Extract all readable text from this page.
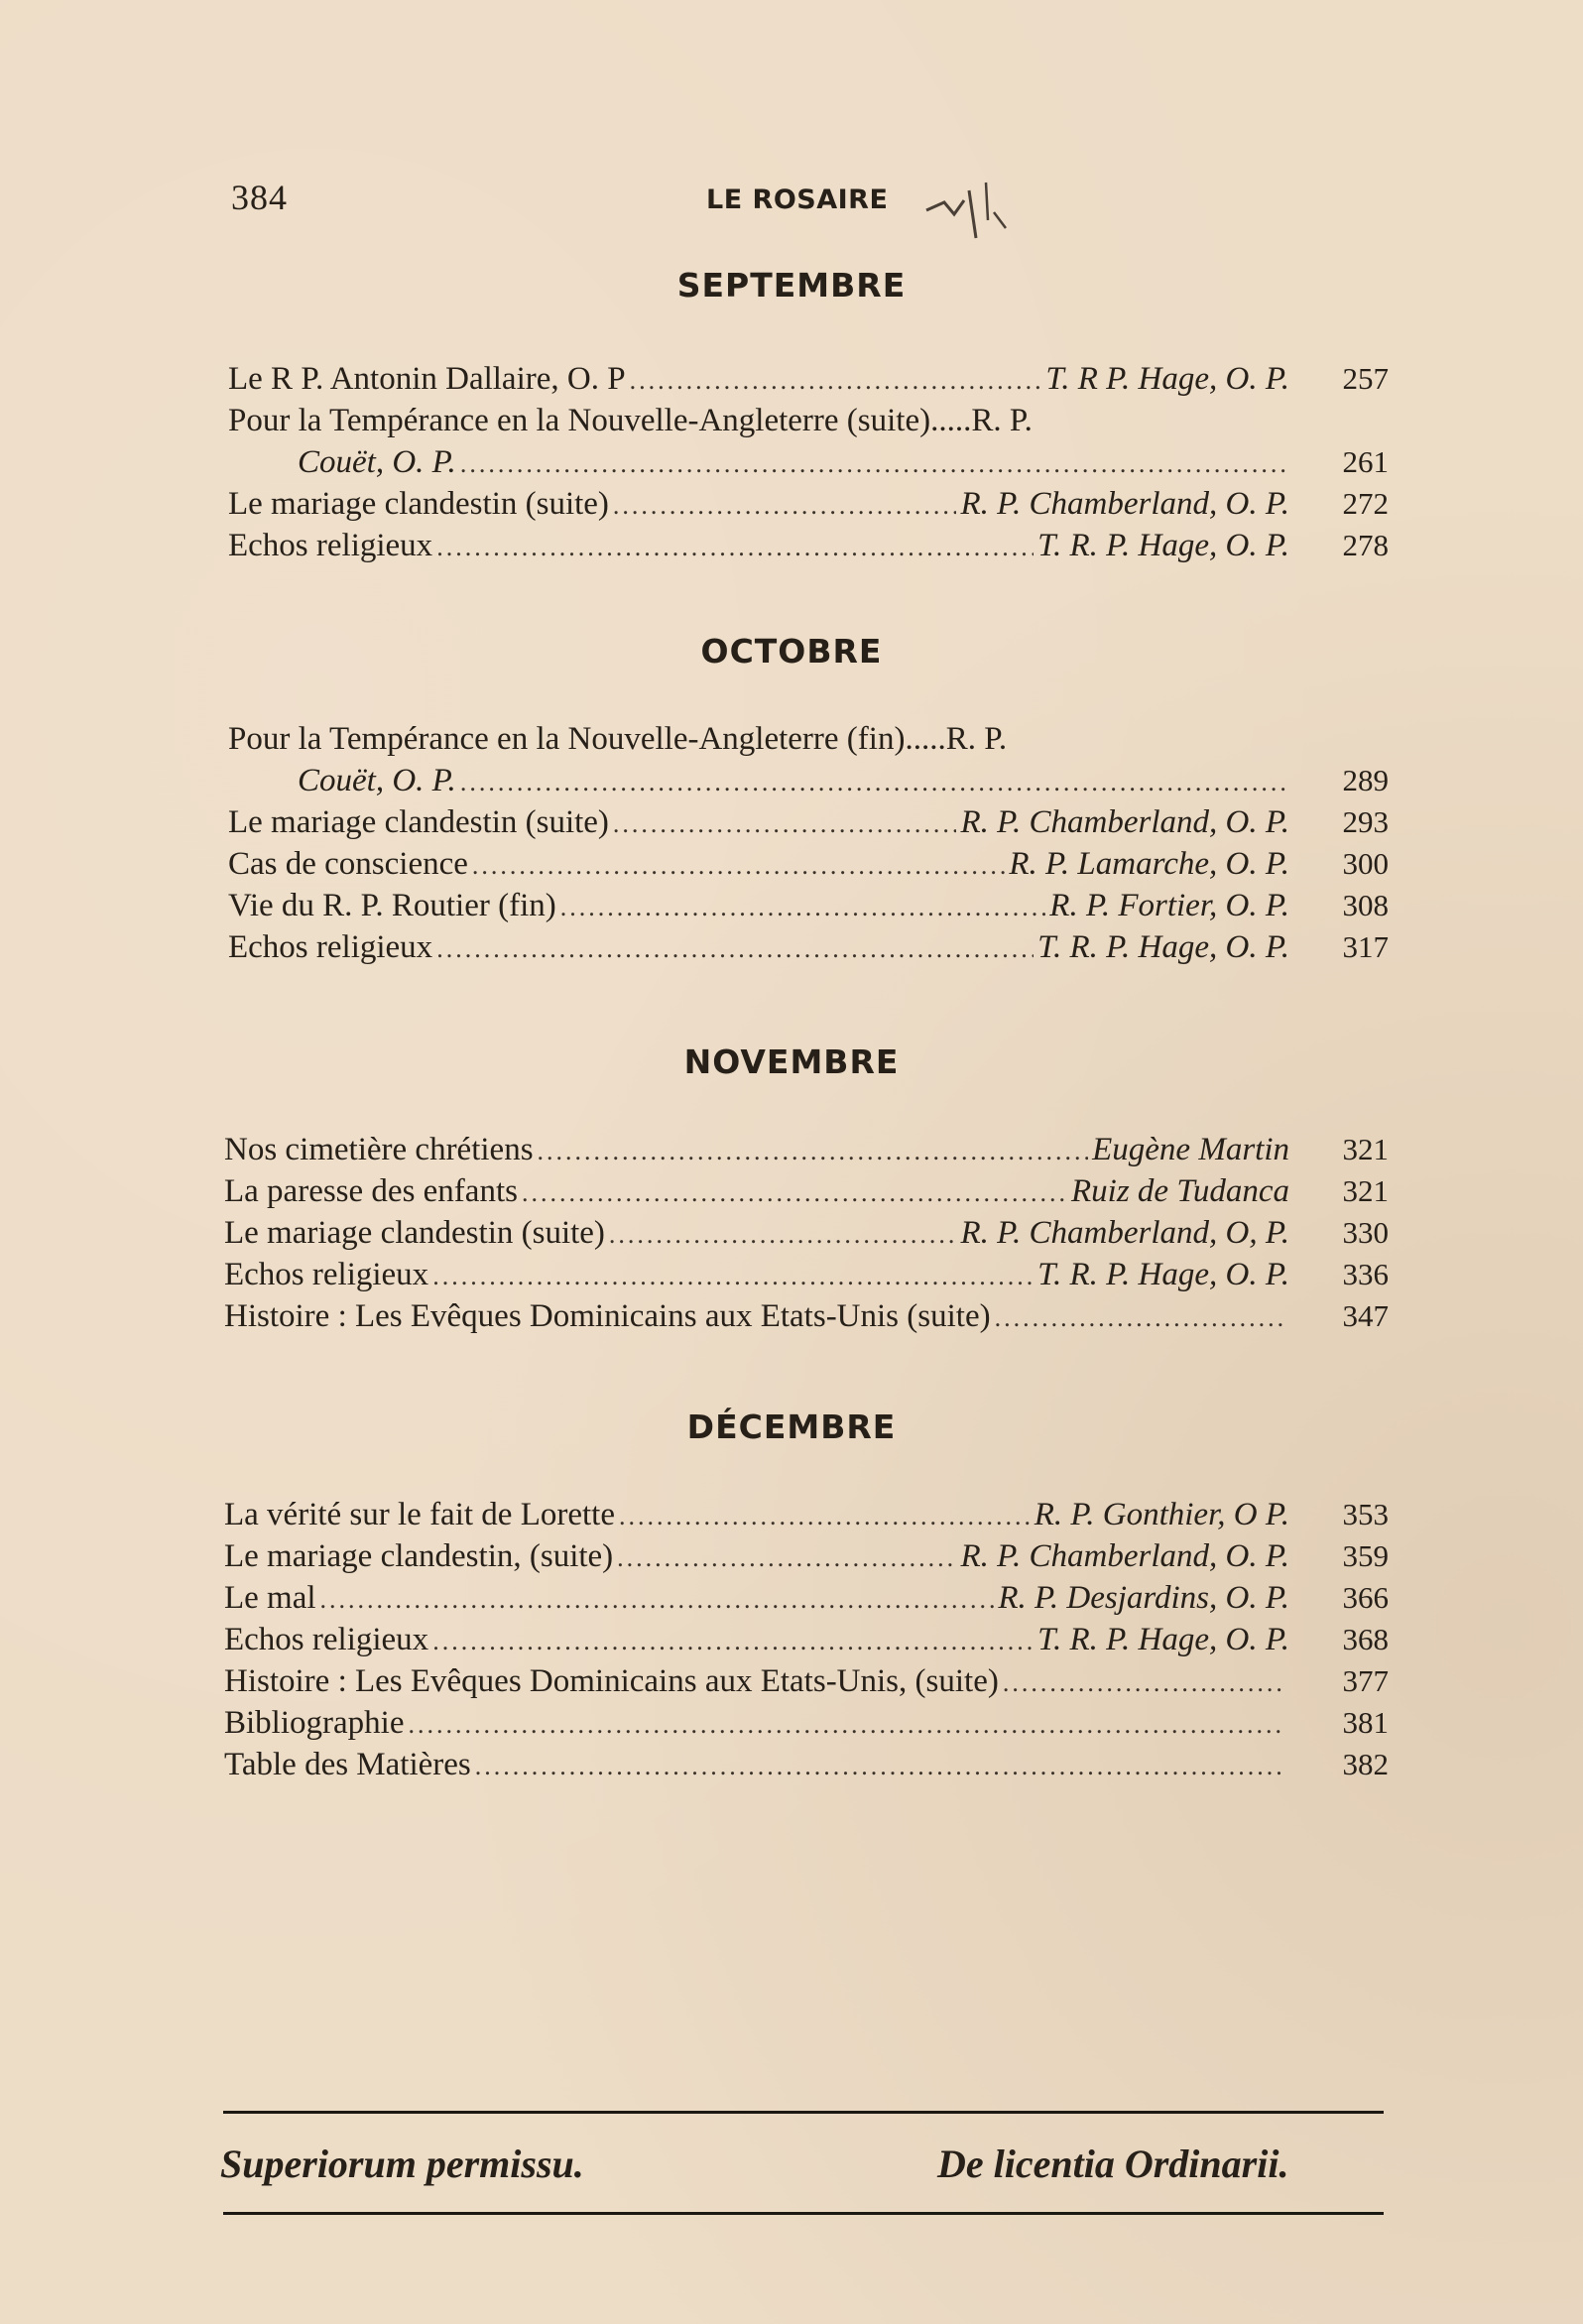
384	LE ROSAIRE
SEPTEMBRE
Le R P. Antonin Dallaire, O. P .....	T. R P. Hage, O. P.	257
Pour la Tempérance en la Nouvelle-Angleterre (suite).....R. P.
Couët, O. P. .....	261
Le mariage clandestin (suite) .....	R. P. Chamberland, O. P.	272
Echos religieux .....	T. R. P. Hage, O. P.	278
OCTOBRE
Pour la Tempérance en la Nouvelle-Angleterre (fin).....R. P.
Couët, O. P. .....	289
Le mariage clandestin (suite) .....	R. P. Chamberland, O. P.	293
Cas de conscience .....	R. P. Lamarche, O. P.	300
Vie du R. P. Routier (fin) .....	R. P. Fortier, O. P.	308
Echos religieux .....	T. R. P. Hage, O. P.	317
NOVEMBRE
Nos cimetière chrétiens .....	Eugène Martin	321
La paresse des enfants .....	Ruiz de Tudanca	321
Le mariage clandestin (suite) .....	R. P. Chamberland, O, P.	330
Echos religieux .....	T. R. P. Hage, O. P.	336
Histoire : Les Evêques Dominicains aux Etats-Unis (suite) .....	347
DÉCEMBRE
La vérité sur le fait de Lorette .....	R. P. Gonthier, O P.	353
Le mariage clandestin, (suite) .....	R. P. Chamberland, O. P.	359
Le mal .....	R. P. Desjardins, O. P.	366
Echos religieux .....	T. R. P. Hage, O. P.	368
Histoire : Les Evêques Dominicains aux Etats-Unis, (suite) .....	377
Bibliographie .....	381
Table des Matières .....	382
Superiorum permissu.	De licentia Ordinarii.
